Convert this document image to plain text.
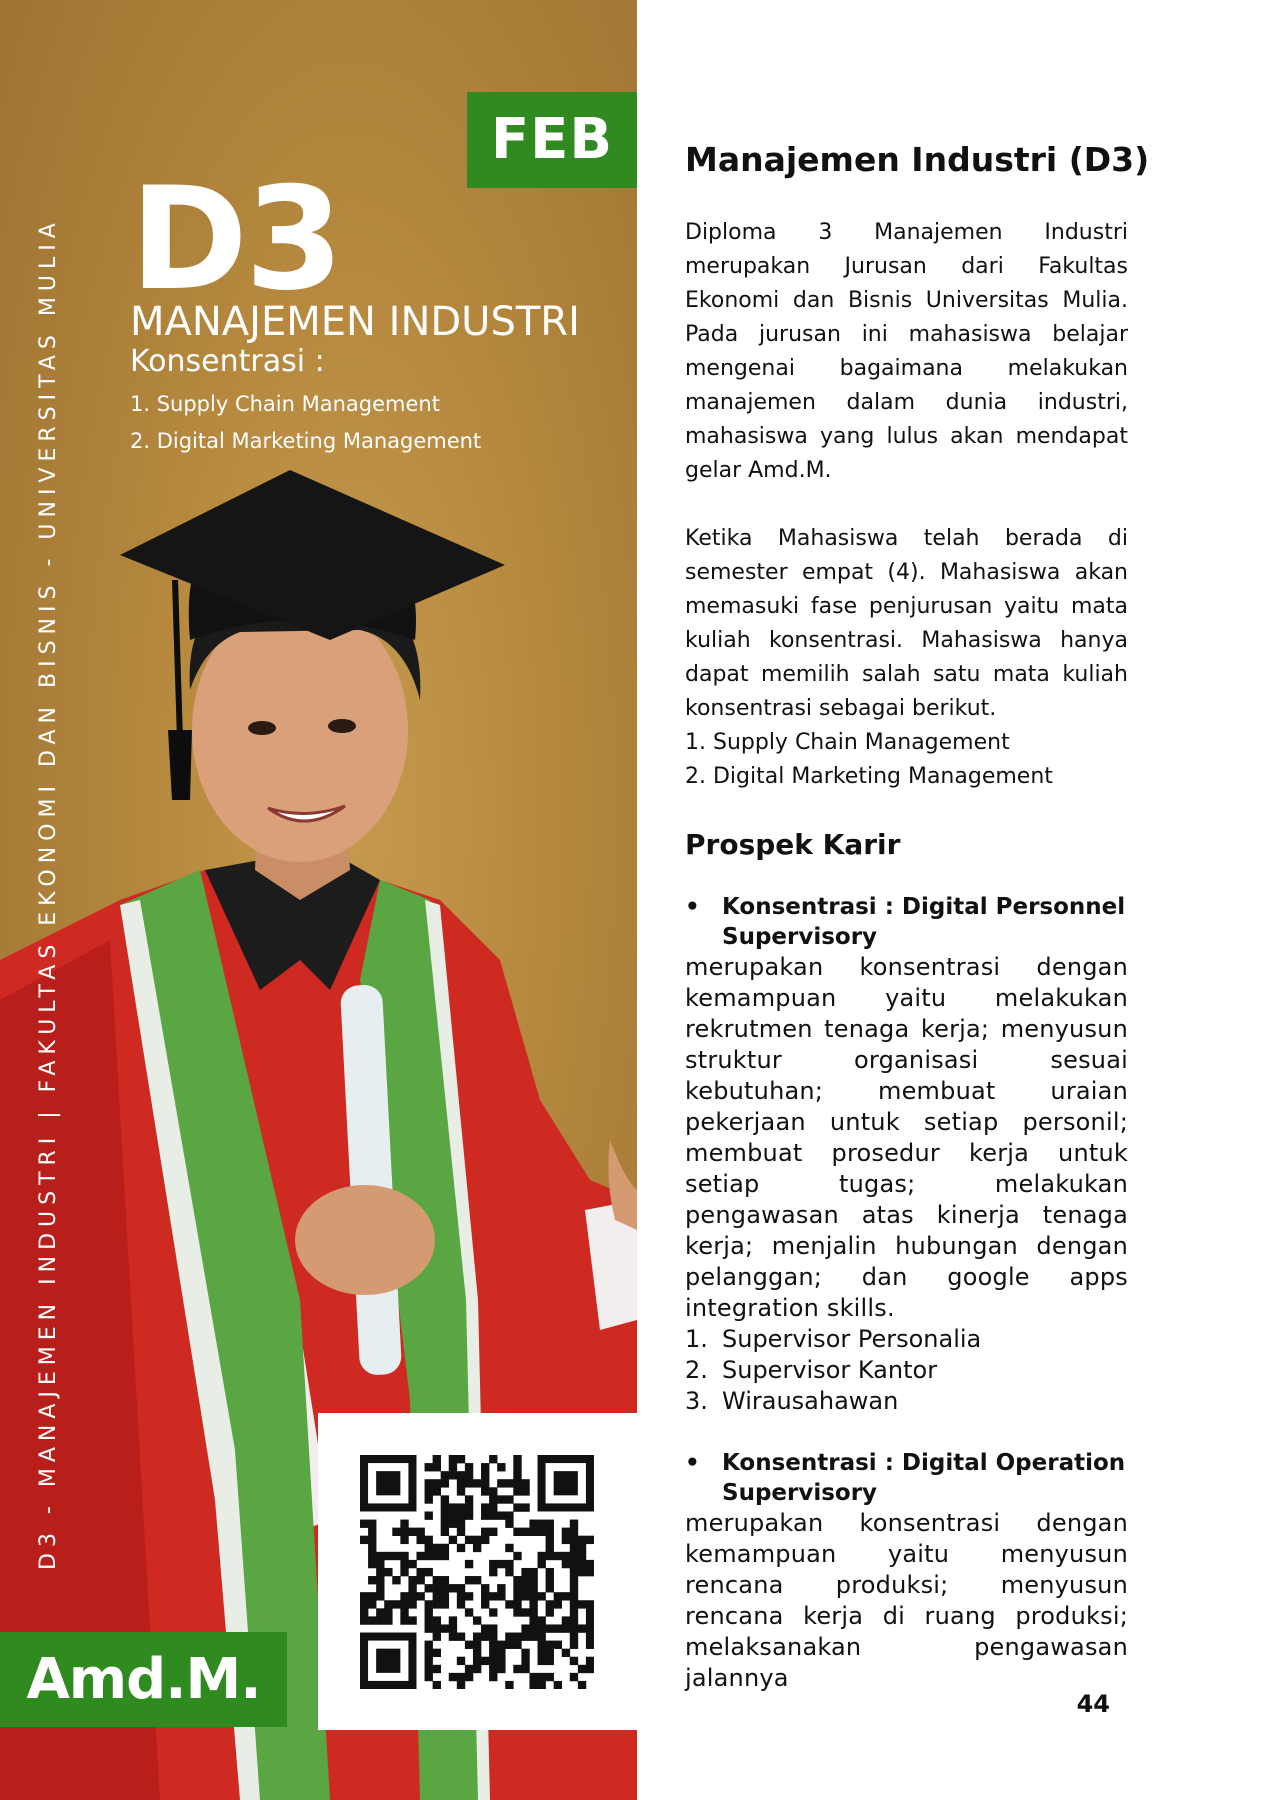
D3 - MANAJEMEN INDUSTRI | FAKULTAS EKONOMI DAN BISNIS - UNIVERSITAS MULIA
FEB
D3
MANAJEMEN INDUSTRI
Konsentrasi :
1. Supply Chain Management
2. Digital Marketing Management
Amd.M.
Manajemen Industri (D3)

Diploma 3 Manajemen Industri merupakan Jurusan dari Fakultas Ekonomi dan Bisnis Universitas Mulia. Pada jurusan ini mahasiswa belajar mengenai bagaimana melakukan manajemen dalam dunia industri, mahasiswa yang lulus akan mendapat gelar Amd.M.

Ketika Mahasiswa telah berada di semester empat (4). Mahasiswa akan memasuki fase penjurusan yaitu mata kuliah konsentrasi. Mahasiswa hanya dapat memilih salah satu mata kuliah konsentrasi sebagai berikut.

1. Supply Chain Management
2. Digital Marketing Management
Prospek Karir
• Konsentrasi : Digital Personnel Supervisory

merupakan konsentrasi dengan kemampuan yaitu melakukan rekrutmen tenaga kerja; menyusun struktur organisasi sesuai kebutuhan; membuat uraian pekerjaan untuk setiap personil; membuat prosedur kerja untuk setiap tugas; melakukan pengawasan atas kinerja tenaga kerja; menjalin hubungan dengan pelanggan; dan google apps integration skills.

1. Supervisor Personalia
2. Supervisor Kantor
3. Wirausahawan
• Konsentrasi : Digital Operation Supervisory

merupakan konsentrasi dengan kemampuan yaitu menyusun rencana produksi; menyusun rencana kerja di ruang produksi; melaksanakan pengawasan jalannya

44
